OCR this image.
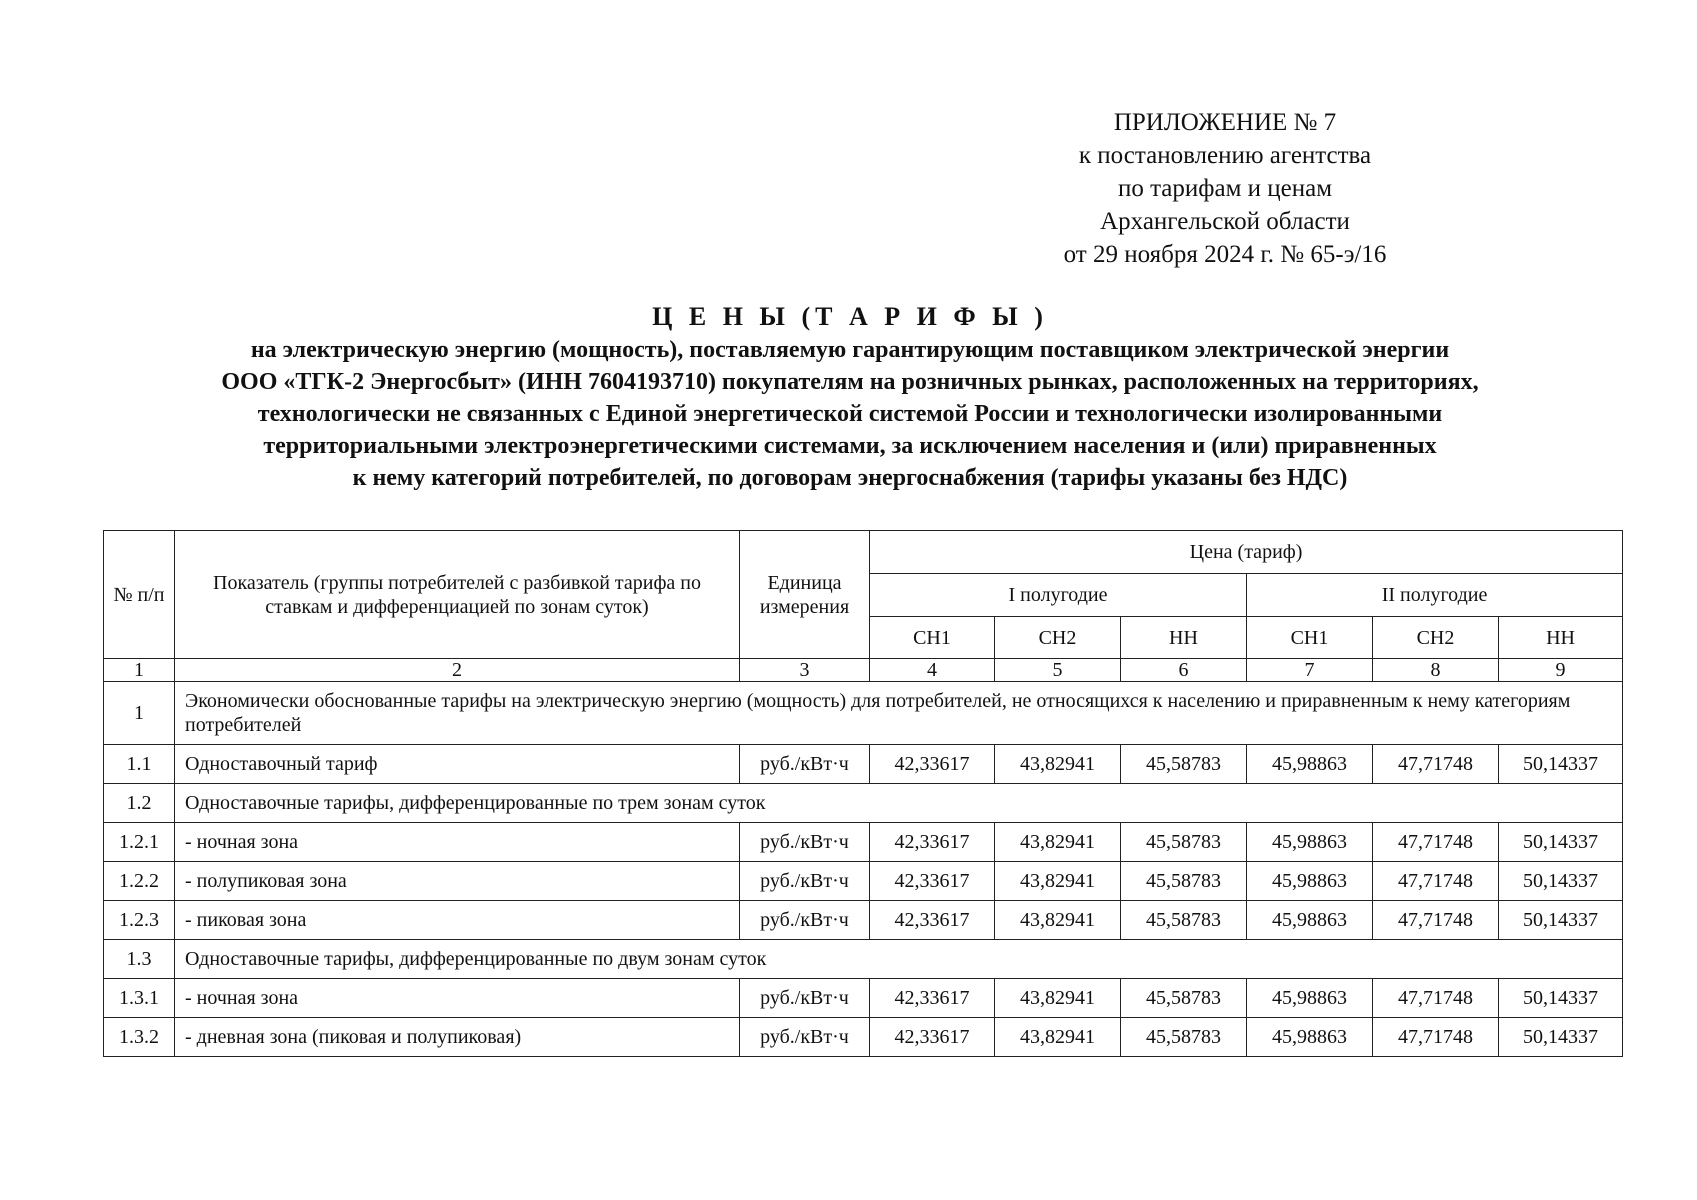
ПРИЛОЖЕНИЕ № 7
к постановлению агентства
по тарифам и ценам
Архангельской области
от 29 ноября 2024 г. № 65-э/16
Ц Е Н Ы (Т А Р И Ф Ы )
на электрическую энергию (мощность), поставляемую гарантирующим поставщиком электрической энергии
ООО «ТГК-2 Энергосбыт» (ИНН 7604193710) покупателям на розничных рынках, расположенных на территориях,
технологически не связанных с Единой энергетической системой России и технологически изолированными
территориальными электроэнергетическими системами, за исключением населения и (или) приравненных
к нему категорий потребителей, по договорам энергоснабжения (тарифы указаны без НДС)
№ п/п	Показатель (группы потребителей с разбивкой тарифа по ставкам и дифференциацией по зонам суток)	Единица измерения	Цена (тариф)					
			I полугодие			II полугодие		
			СН1	СН2	НН	СН1	СН2	НН
1	2	3	4	5	6	7	8	9
1	Экономически обоснованные тарифы на электрическую энергию (мощность) для потребителей, не относящихся к населению и приравненным к нему категориям потребителей							
1.1	Одноставочный тариф	руб./кВт·ч	42,33617	43,82941	45,58783	45,98863	47,71748	50,14337
1.2	Одноставочные тарифы, дифференцированные по трем зонам суток							
1.2.1	- ночная зона	руб./кВт·ч	42,33617	43,82941	45,58783	45,98863	47,71748	50,14337
1.2.2	- полупиковая зона	руб./кВт·ч	42,33617	43,82941	45,58783	45,98863	47,71748	50,14337
1.2.3	- пиковая зона	руб./кВт·ч	42,33617	43,82941	45,58783	45,98863	47,71748	50,14337
1.3	Одноставочные тарифы, дифференцированные по двум зонам суток							
1.3.1	- ночная зона	руб./кВт·ч	42,33617	43,82941	45,58783	45,98863	47,71748	50,14337
1.3.2	- дневная зона (пиковая и полупиковая)	руб./кВт·ч	42,33617	43,82941	45,58783	45,98863	47,71748	50,14337
